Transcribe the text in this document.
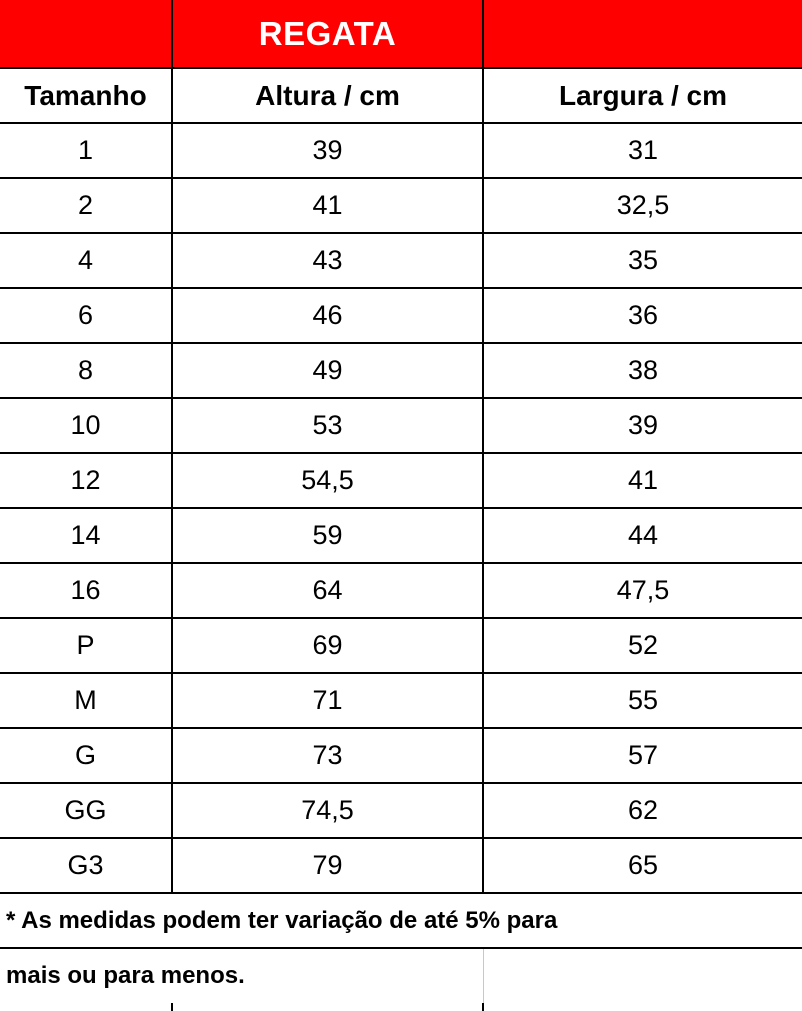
	REGATA	
Tamanho	Altura / cm	Largura / cm
1	39	31
2	41	32,5
4	43	35
6	46	36
8	49	38
10	53	39
12	54,5	41
14	59	44
16	64	47,5
P	69	52
M	71	55
G	73	57
GG	74,5	62
G3	79	65
* As medidas podem ter variação de até 5% para		
mais ou para menos.		
